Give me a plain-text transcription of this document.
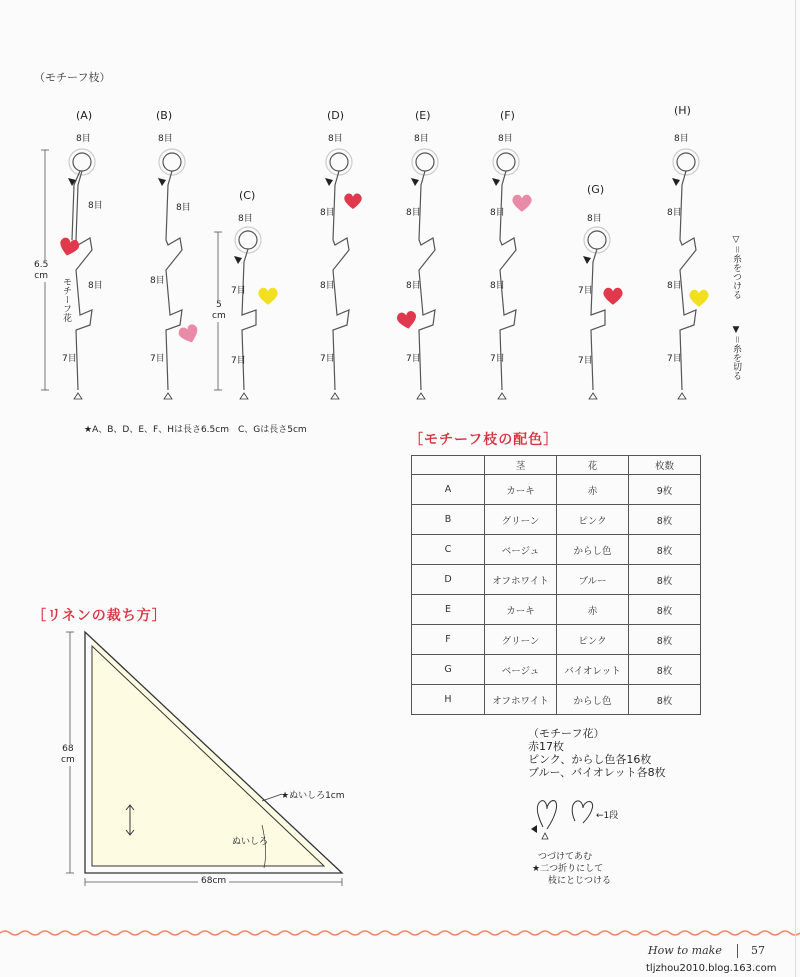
（モチーフ枝）
(A)	(B)
(C)
(D)	(E)	(F)
(G)
(H)
8目
8目
8目
7目
8目
8目
8目
7目
8目
7目
7目
8目
8目
8目
7目
8目
8目
8目
7目
8目
8目
8目
7目
8目
7目
7目
8目
8目
8目
7目
6.5
cm
5
cm
モチーフ花
▽＝糸をつける
▼＝糸を切る
★A、B、D、E、F、Hは長さ6.5cm　C、Gは長さ5cm
［モチーフ枝の配色］
	茎	花	枚数
A	カーキ	赤	9枚
B	グリーン	ピンク	8枚
C	ベージュ	からし色	8枚
D	オフホワイト	ブルー	8枚
E	カーキ	赤	8枚
F	グリーン	ピンク	8枚
G	ベージュ	バイオレット	8枚
H	オフホワイト	からし色	8枚
［リネンの裁ち方］
68
cm
68cm
★ぬいしろ1cm
ぬいしろ
（モチーフ花）
赤17枚
ピンク、からし色各16枚
ブルー、バイオレット各8枚
←1段
つづけてあむ
★二つ折りにして
枝にとじつける
How to make	57
tljzhou2010.blog.163.com
